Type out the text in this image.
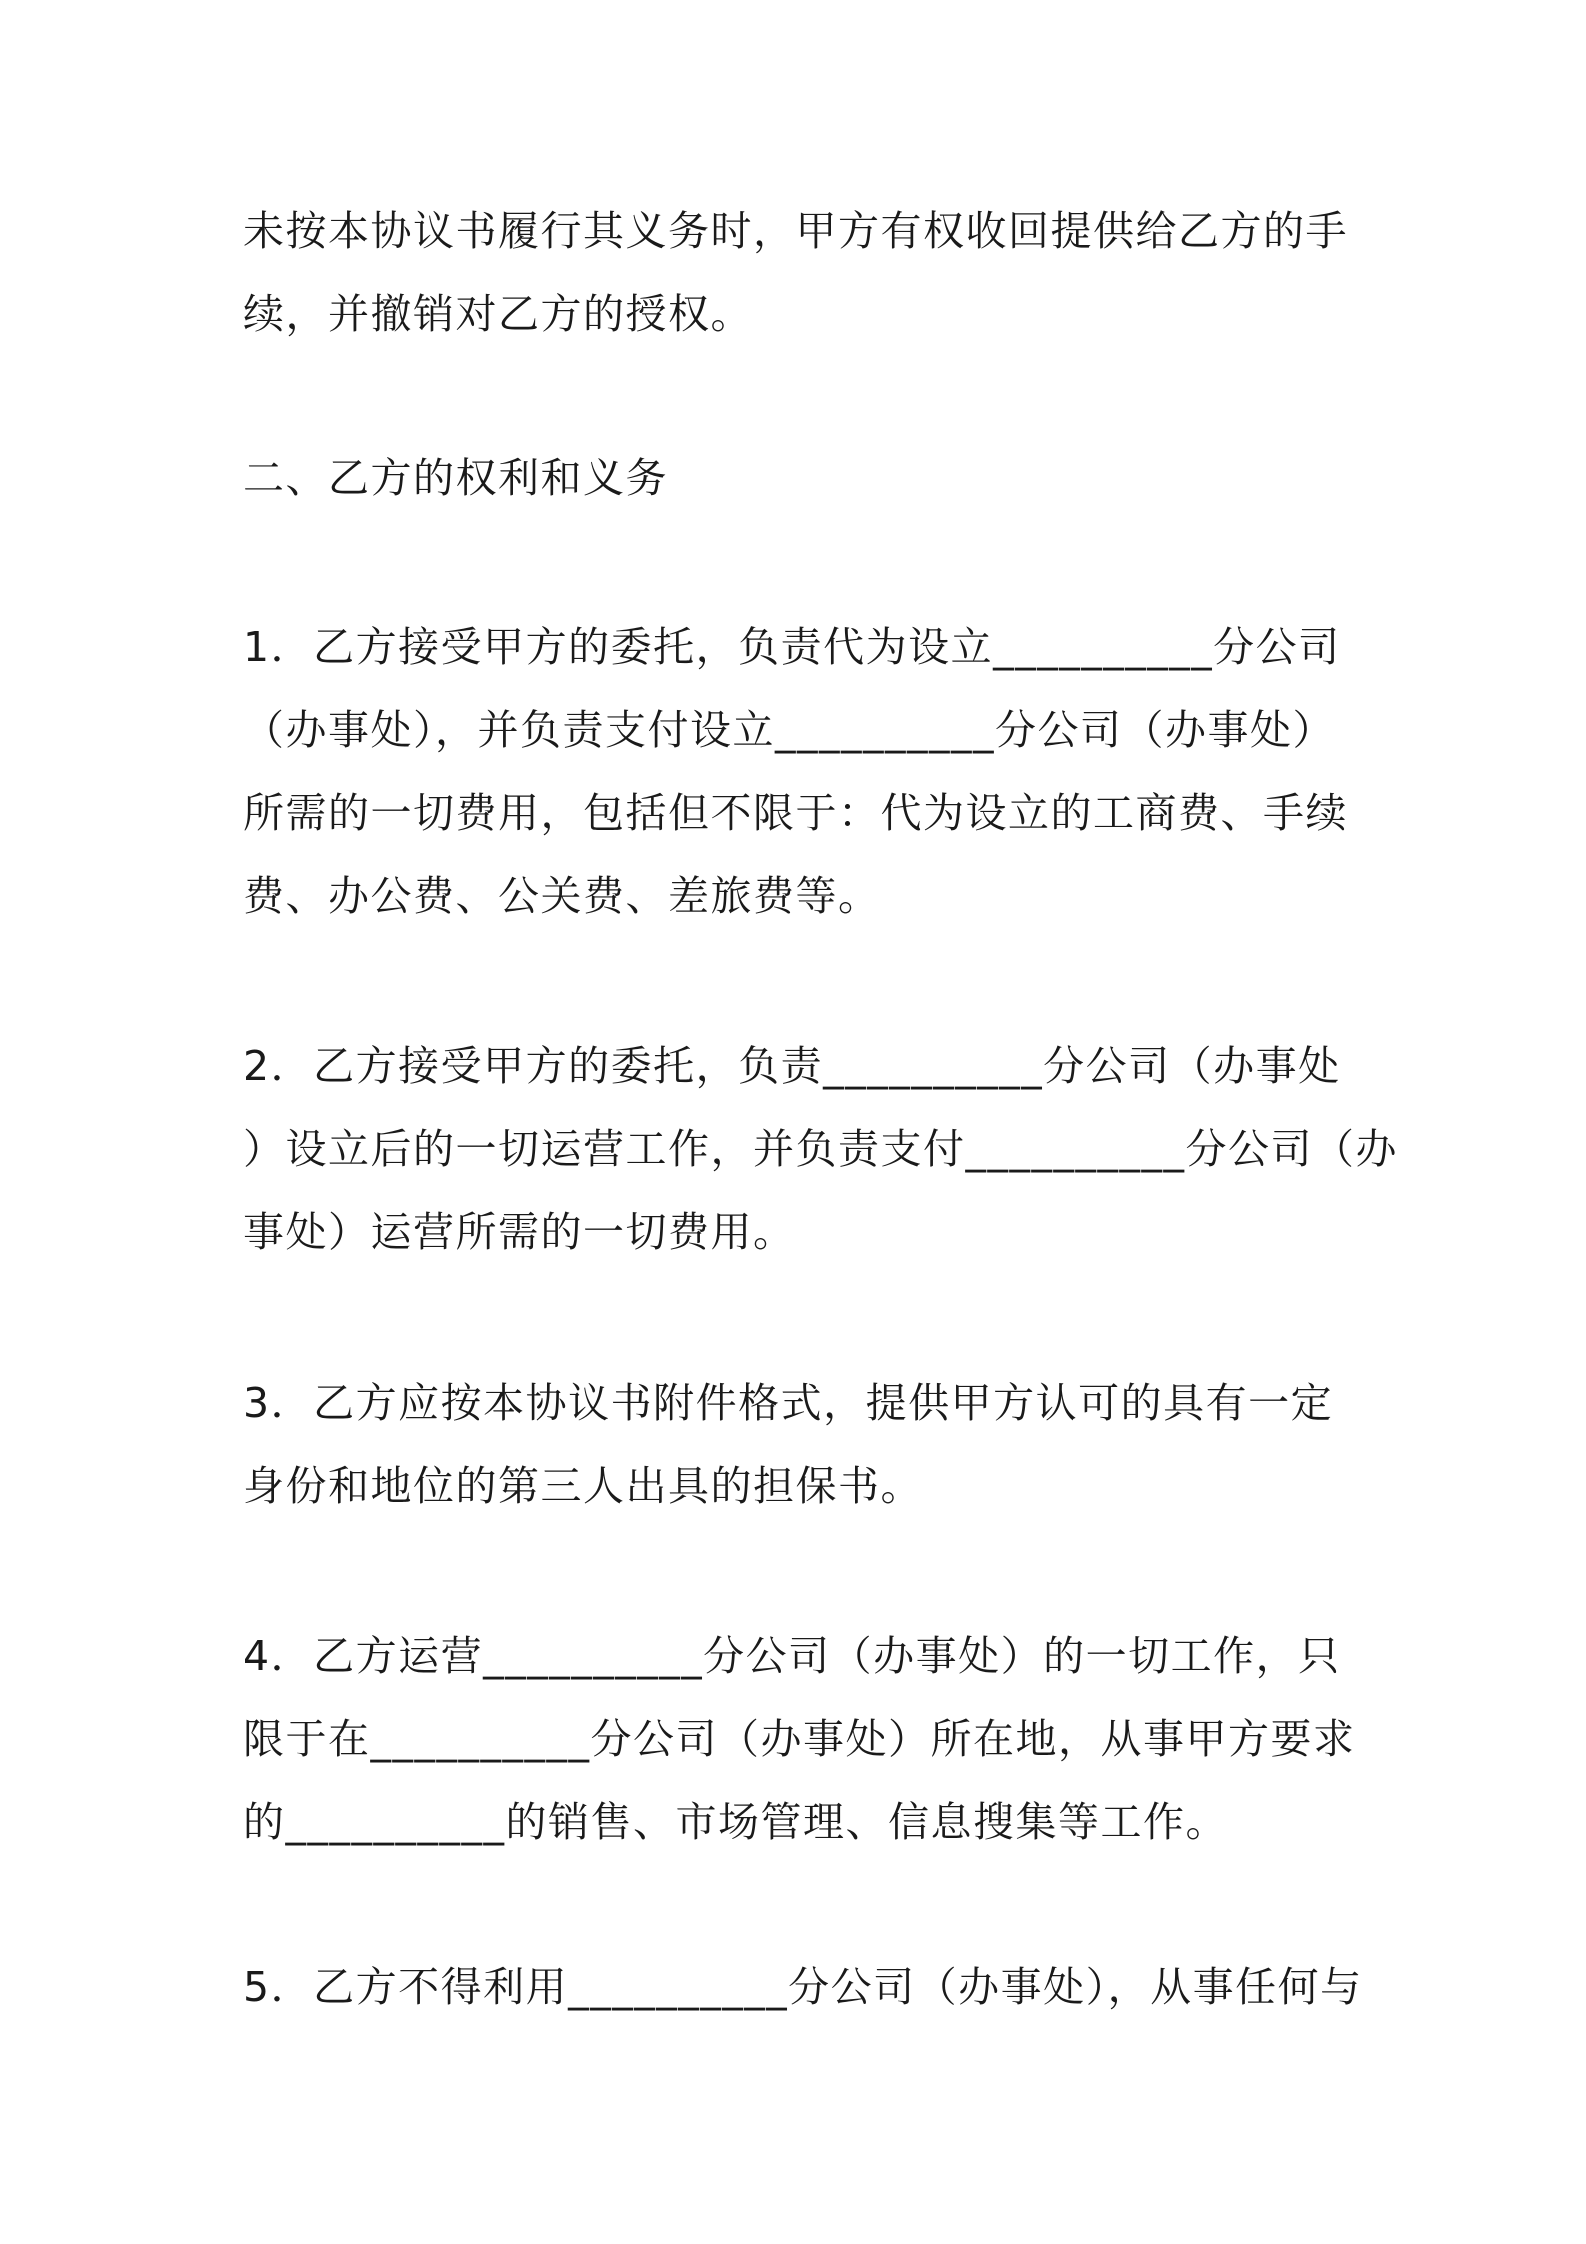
未按本协议书履行其义务时，甲方有权收回提供给乙方的手
续，并撤销对乙方的授权。

二、乙方的权利和义务

1．乙方接受甲方的委托，负责代为设立__________分公司
（办事处），并负责支付设立__________分公司（办事处）
所需的一切费用，包括但不限于：代为设立的工商费、手续
费、办公费、公关费、差旅费等。

2．乙方接受甲方的委托，负责__________分公司（办事处
）设立后的一切运营工作，并负责支付__________分公司（办
事处）运营所需的一切费用。

3．乙方应按本协议书附件格式，提供甲方认可的具有一定
身份和地位的第三人出具的担保书。

4．乙方运营__________分公司（办事处）的一切工作，只
限于在__________分公司（办事处）所在地，从事甲方要求
的__________的销售、市场管理、信息搜集等工作。

5．乙方不得利用__________分公司（办事处），从事任何与
